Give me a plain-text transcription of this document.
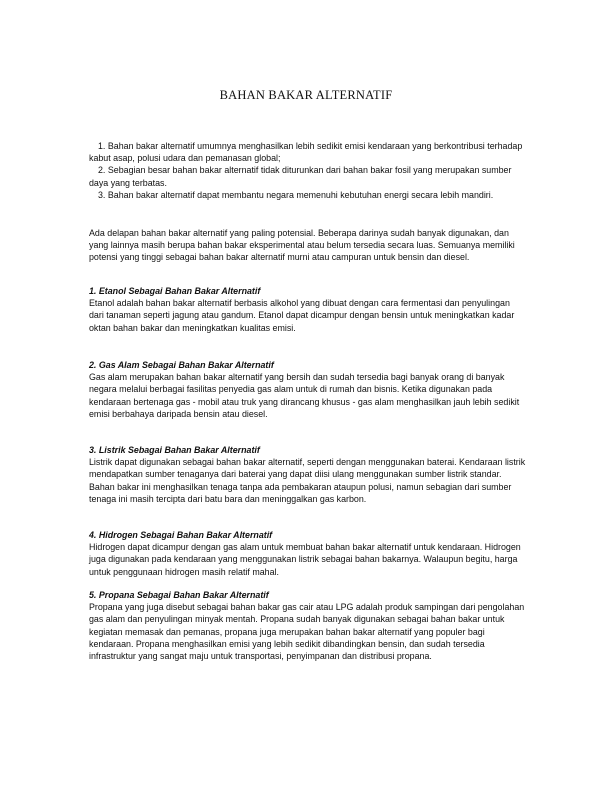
BAHAN BAKAR ALTERNATIF
1. Bahan bakar alternatif umumnya menghasilkan lebih sedikit emisi kendaraan yang berkontribusi terhadap kabut asap, polusi udara dan pemanasan global;
2. Sebagian besar bahan bakar alternatif tidak diturunkan dari bahan bakar fosil yang merupakan sumber daya yang terbatas.
3. Bahan bakar alternatif dapat membantu negara memenuhi kebutuhan energi secara lebih mandiri.
Ada delapan bahan bakar alternatif yang paling potensial. Beberapa darinya sudah banyak digunakan, dan yang lainnya masih berupa bahan bakar eksperimental atau belum tersedia secara luas. Semuanya memiliki potensi yang tinggi sebagai bahan bakar alternatif murni atau campuran untuk bensin dan diesel.
1. Etanol Sebagai Bahan Bakar Alternatif

Etanol adalah bahan bakar alternatif berbasis alkohol yang dibuat dengan cara fermentasi dan penyulingan dari tanaman seperti jagung atau gandum. Etanol dapat dicampur dengan bensin untuk meningkatkan kadar oktan bahan bakar dan meningkatkan kualitas emisi.

2. Gas Alam Sebagai Bahan Bakar Alternatif

Gas alam merupakan bahan bakar alternatif yang bersih dan sudah tersedia bagi banyak orang di banyak negara melalui berbagai fasilitas penyedia gas alam untuk di rumah dan bisnis. Ketika digunakan pada kendaraan bertenaga gas - mobil atau truk yang dirancang khusus - gas alam menghasilkan jauh lebih sedikit emisi berbahaya daripada bensin atau diesel.

3. Listrik Sebagai Bahan Bakar Alternatif

Listrik dapat digunakan sebagai bahan bakar alternatif, seperti dengan menggunakan baterai. Kendaraan listrik mendapatkan sumber tenaganya dari baterai yang dapat diisi ulang menggunakan sumber listrik standar. Bahan bakar ini menghasilkan tenaga tanpa ada pembakaran ataupun polusi, namun sebagian dari sumber tenaga ini masih tercipta dari batu bara dan meninggalkan gas karbon.

4. Hidrogen Sebagai Bahan Bakar Alternatif

Hidrogen dapat dicampur dengan gas alam untuk membuat bahan bakar alternatif untuk kendaraan. Hidrogen juga digunakan pada kendaraan yang menggunakan listrik sebagai bahan bakarnya. Walaupun begitu, harga untuk penggunaan hidrogen masih relatif mahal.

5. Propana Sebagai Bahan Bakar Alternatif

Propana yang juga disebut sebagai bahan bakar gas cair atau LPG adalah produk sampingan dari pengolahan gas alam dan penyulingan minyak mentah. Propana sudah banyak digunakan sebagai bahan bakar untuk kegiatan memasak dan pemanas, propana juga merupakan bahan bakar alternatif yang populer bagi kendaraan. Propana menghasilkan emisi yang lebih sedikit dibandingkan bensin, dan sudah tersedia infrastruktur yang sangat maju untuk transportasi, penyimpanan dan distribusi propana.
